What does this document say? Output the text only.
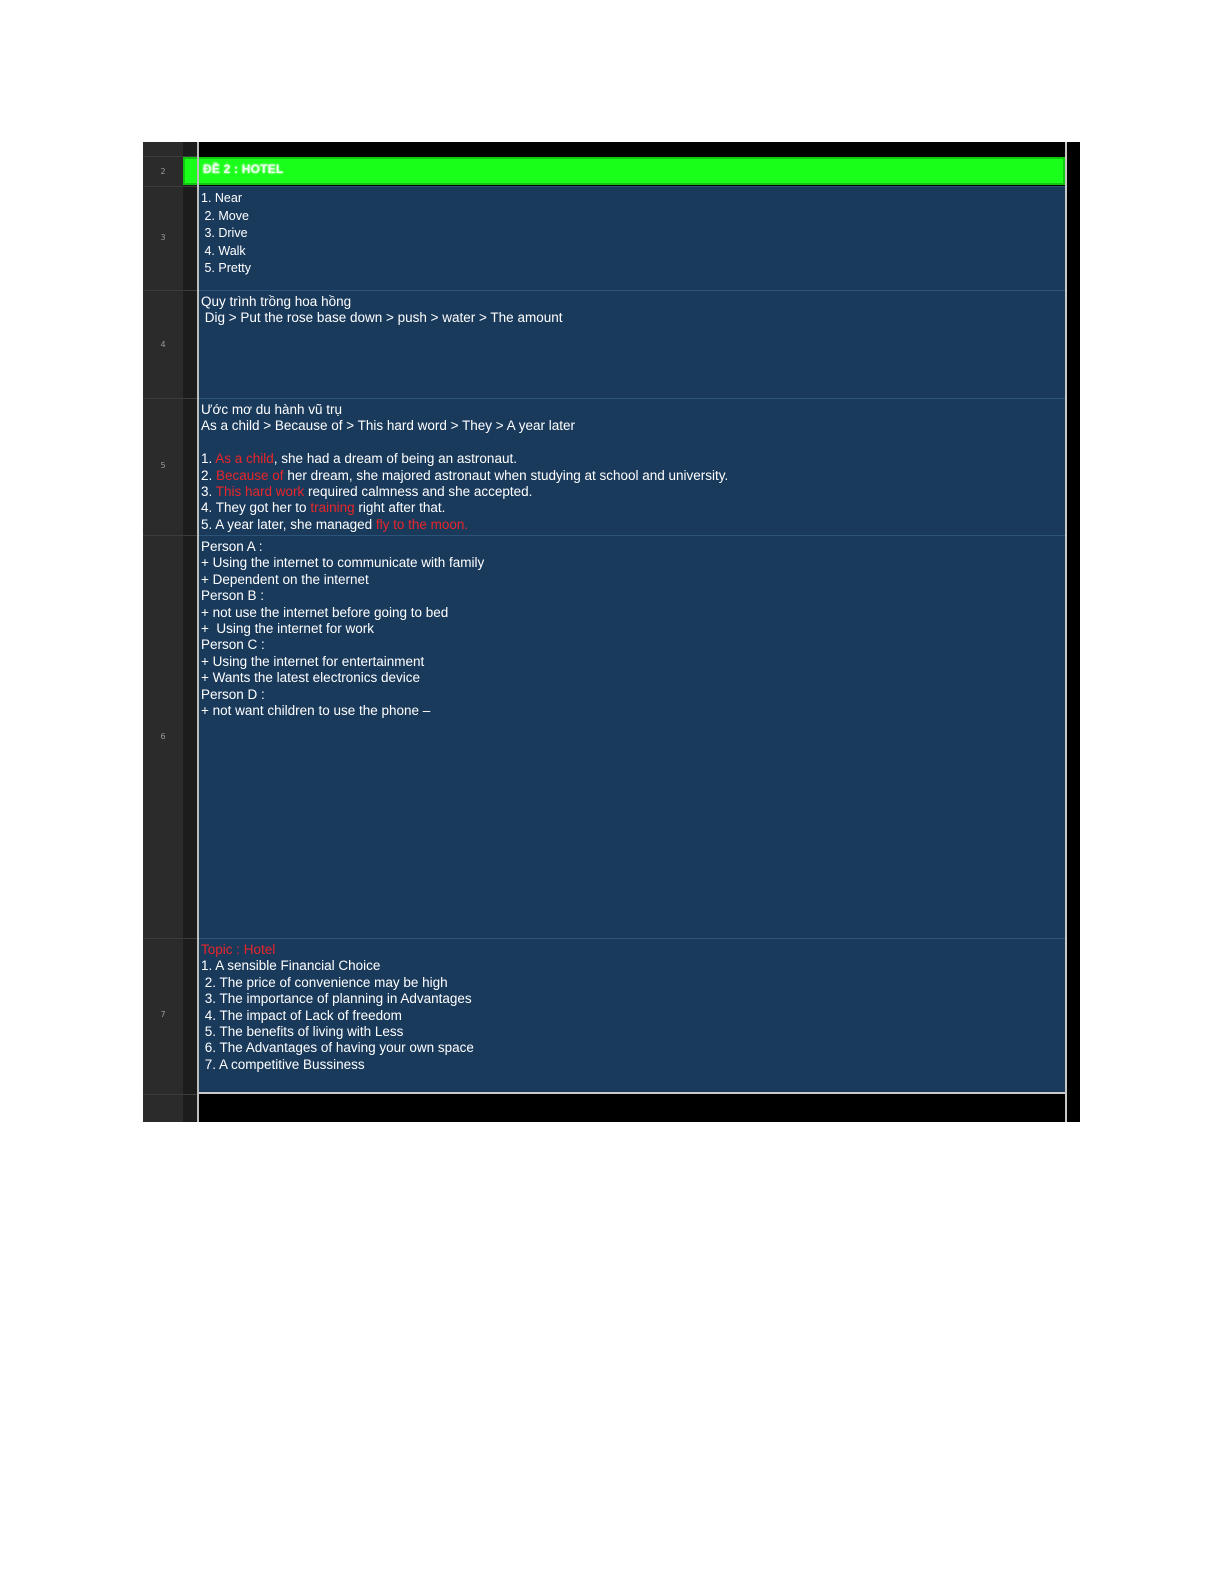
2
3
4
5
6
7
ĐỀ 2 : HOTEL
1. Near
2. Move
3. Drive
4. Walk
5. Pretty
Quy trình trồng hoa hồng
Dig > Put the rose base down > push > water > The amount
Ước mơ du hành vũ trụ
As a child > Because of > This hard word > They > A year later
1. As a child, she had a dream of being an astronaut.
2. Because of her dream, she majored astronaut when studying at school and university.
3. This hard work required calmness and she accepted.
4. They got her to training right after that.
5. A year later, she managed fly to the moon.
Person A :
+ Using the internet to communicate with family
+ Dependent on the internet
Person B :
+ not use the internet before going to bed
+  Using the internet for work
Person C :
+ Using the internet for entertainment
+ Wants the latest electronics device
Person D :
+ not want children to use the phone –
Topic : Hotel
1. A sensible Financial Choice
2. The price of convenience may be high
3. The importance of planning in Advantages
4. The impact of Lack of freedom
5. The benefits of living with Less
6. The Advantages of having your own space
7. A competitive Bussiness
